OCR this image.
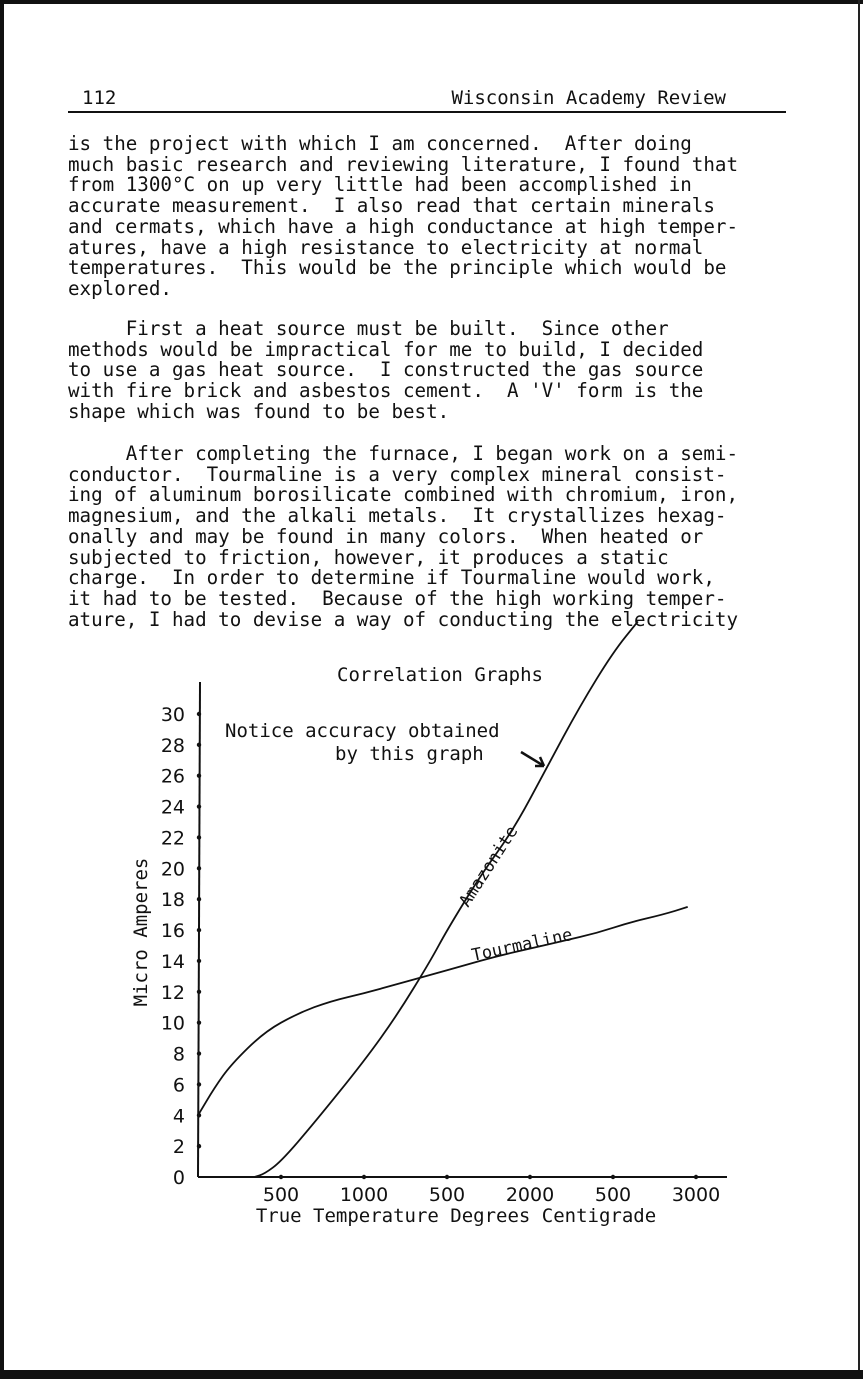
112	Wisconsin Academy Review

is the project with which I am concerned.  After doing
much basic research and reviewing literature, I found that
from 1300°C on up very little had been accomplished in
accurate measurement.  I also read that certain minerals
and cermats, which have a high conductance at high temper-
atures, have a high resistance to electricity at normal
temperatures.  This would be the principle which would be
explored.

First a heat source must be built.  Since other
methods would be impractical for me to build, I decided
to use a gas heat source.  I constructed the gas source
with fire brick and asbestos cement.  A 'V' form is the
shape which was found to be best.

After completing the furnace, I began work on a semi-
conductor.  Tourmaline is a very complex mineral consist-
ing of aluminum borosilicate combined with chromium, iron,
magnesium, and the alkali metals.  It crystallizes hexag-
onally and may be found in many colors.  When heated or
subjected to friction, however, it produces a static
charge.  In order to determine if Tourmaline would work,
it had to be tested.  Because of the high working temper-
ature, I had to devise a way of conducting the electricity

Correlation Graphs
True Temperature Degrees Centigrade
Micro Amperes
0
2
4
6
8
10
12
14
16
18
20
22
24
26
28
30
500 1000 500 2000 500 3000
Notice accuracy obtained
by this graph
Amazonite
Tourmaline
